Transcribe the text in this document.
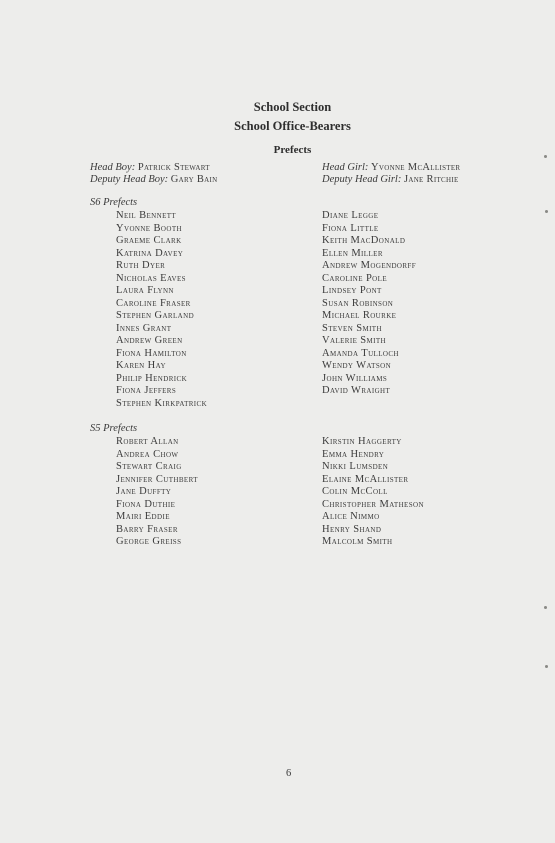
School Section
School Office-Bearers
Prefects
Head Boy: Patrick Stewart
Deputy Head Boy: Gary Bain
Head Girl: Yvonne McAllister
Deputy Head Girl: Jane Ritchie
S6 Prefects
Neil Bennett
Yvonne Booth
Graeme Clark
Katrina Davey
Ruth Dyer
Nicholas Eaves
Laura Flynn
Caroline Fraser
Stephen Garland
Innes Grant
Andrew Green
Fiona Hamilton
Karen Hay
Philip Hendrick
Fiona Jeffers
Stephen Kirkpatrick
Diane Legge
Fiona Little
Keith MacDonald
Ellen Miller
Andrew Mogendorff
Caroline Pole
Lindsey Pont
Susan Robinson
Michael Rourke
Steven Smith
Valerie Smith
Amanda Tulloch
Wendy Watson
John Williams
David Wraight
S5 Prefects
Robert Allan
Andrea Chow
Stewart Craig
Jennifer Cuthbert
Jane Duffty
Fiona Duthie
Mairi Eddie
Barry Fraser
George Greiss
Kirstin Haggerty
Emma Hendry
Nikki Lumsden
Elaine McAllister
Colin McColl
Christopher Matheson
Alice Nimmo
Henry Shand
Malcolm Smith
6
